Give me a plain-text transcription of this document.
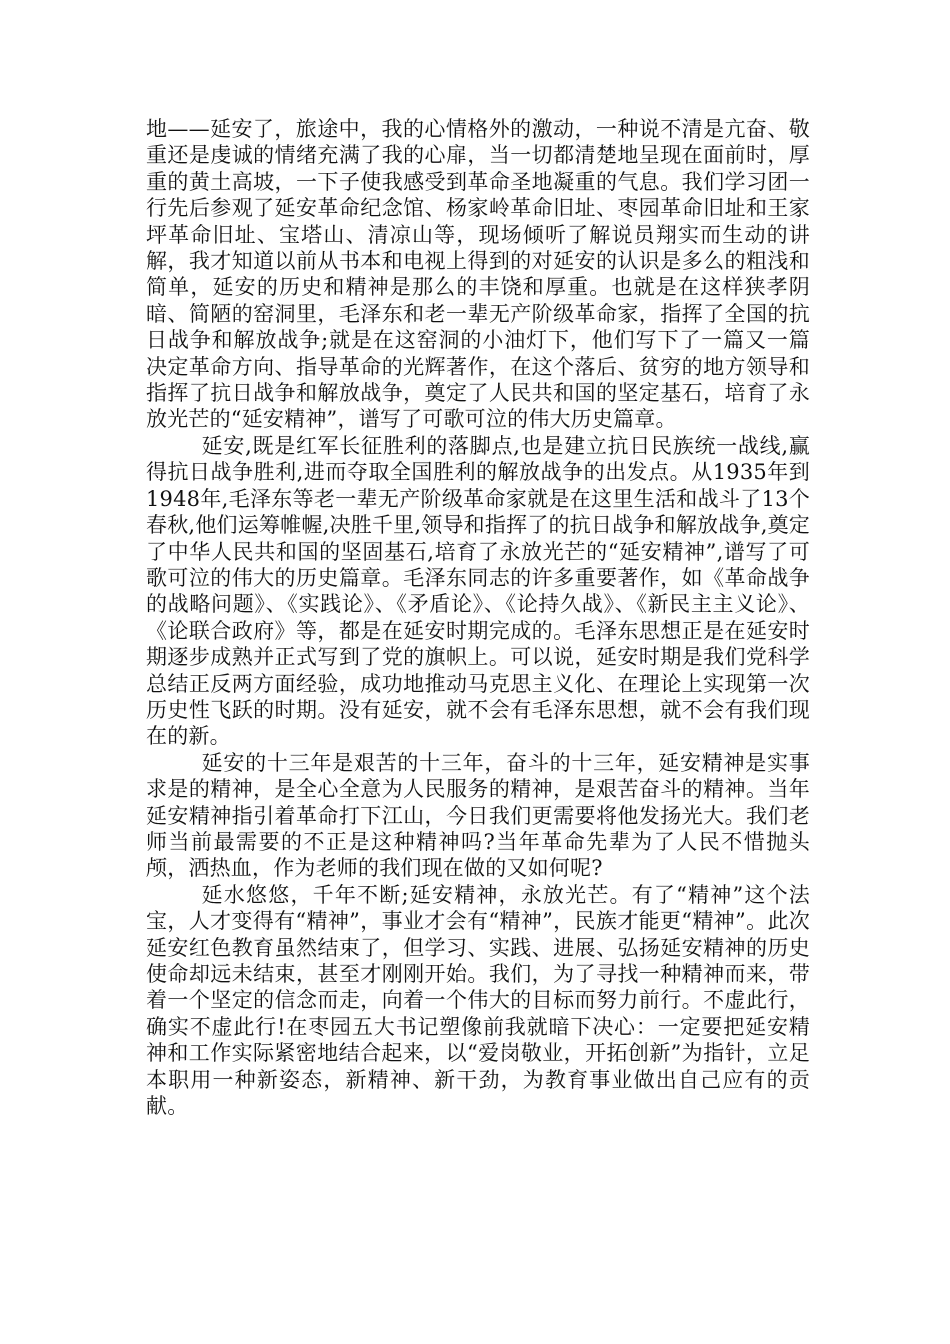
地——延安了，旅途中，我的心情格外的激动，一种说不清是亢奋、敬重还是虔诚的情绪充满了我的心扉，当一切都清楚地呈现在面前时，厚重的黄土高坡，一下子使我感受到革命圣地凝重的气息。我们学习团一行先后参观了延安革命纪念馆、杨家岭革命旧址、枣园革命旧址和王家坪革命旧址、宝塔山、清凉山等，现场倾听了解说员翔实而生动的讲解，我才知道以前从书本和电视上得到的对延安的认识是多么的粗浅和简单，延安的历史和精神是那么的丰饶和厚重。也就是在这样狭孝阴暗、简陋的窑洞里，毛泽东和老一辈无产阶级革命家，指挥了全国的抗日战争和解放战争;就是在这窑洞的小油灯下，他们写下了一篇又一篇决定革命方向、指导革命的光辉著作，在这个落后、贫穷的地方领导和指挥了抗日战争和解放战争，奠定了人民共和国的坚定基石，培育了永放光芒的“延安精神”，谱写了可歌可泣的伟大历史篇章。

延安,既是红军长征胜利的落脚点,也是建立抗日民族统一战线,赢得抗日战争胜利,进而夺取全国胜利的解放战争的出发点。从1935年到1948年,毛泽东等老一辈无产阶级革命家就是在这里生活和战斗了13个春秋,他们运筹帷幄,决胜千里,领导和指挥了的抗日战争和解放战争,奠定了中华人民共和国的坚固基石,培育了永放光芒的“延安精神”,谱写了可歌可泣的伟大的历史篇章。毛泽东同志的许多重要著作，如《革命战争的战略问题》、《实践论》、《矛盾论》、《论持久战》、《新民主主义论》、《论联合政府》等，都是在延安时期完成的。毛泽东思想正是在延安时期逐步成熟并正式写到了党的旗帜上。可以说，延安时期是我们党科学总结正反两方面经验，成功地推动马克思主义化、在理论上实现第一次历史性飞跃的时期。没有延安，就不会有毛泽东思想，就不会有我们现在的新。

延安的十三年是艰苦的十三年，奋斗的十三年，延安精神是实事求是的精神，是全心全意为人民服务的精神，是艰苦奋斗的精神。当年延安精神指引着革命打下江山，今日我们更需要将他发扬光大。我们老师当前最需要的不正是这种精神吗?当年革命先辈为了人民不惜抛头颅，洒热血，作为老师的我们现在做的又如何呢?

延水悠悠，千年不断;延安精神，永放光芒。有了“精神”这个法宝，人才变得有“精神”，事业才会有“精神”，民族才能更“精神”。此次延安红色教育虽然结束了，但学习、实践、进展、弘扬延安精神的历史使命却远未结束，甚至才刚刚开始。我们，为了寻找一种精神而来，带着一个坚定的信念而走，向着一个伟大的目标而努力前行。不虚此行，确实不虚此行!在枣园五大书记塑像前我就暗下决心：一定要把延安精神和工作实际紧密地结合起来，以“爱岗敬业，开拓创新”为指针，立足本职用一种新姿态，新精神、新干劲，为教育事业做出自己应有的贡献。
